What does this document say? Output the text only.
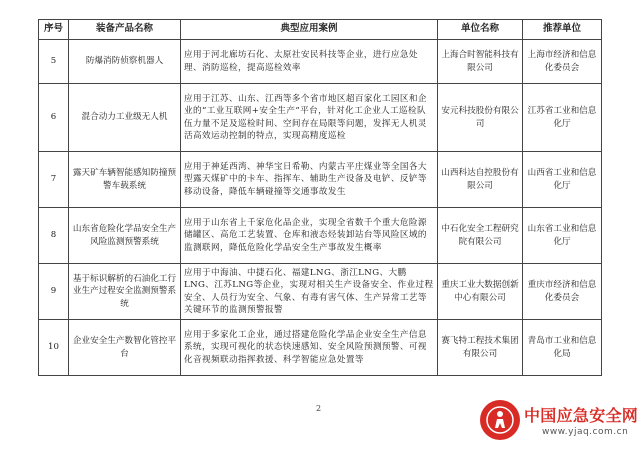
序号	装备产品名称	典型应用案例	单位名称	推荐单位
5	防爆消防侦察机器人	应用于河北廊坊石化、太原社安民科技等企业，进行应急处理、消防巡检，提高巡检效率	上海合时智能科技有限公司	上海市经济和信息化委员会
6	混合动力工业级无人机	应用于江苏、山东、江西等多个省市地区超百家化工园区和企业的“工业互联网+安全生产”平台，针对化工企业人工巡检队伍力量不足及巡检时间、空间存在局限等问题，发挥无人机灵活高效运动控制的特点，实现高精度巡检	安元科技股份有限公司	江苏省工业和信息化厅
7	露天矿车辆智能感知防撞预警车载系统	应用于神延西湾、神华宝日希勒、内蒙古平庄煤业等全国各大型露天煤矿中的卡车、指挥车、辅助生产设备及电铲、反铲等移动设备，降低车辆碰撞等交通事故发生	山西科达自控股份有限公司	山西省工业和信息化厅
8	山东省危险化学品安全生产风险监测预警系统	应用于山东省上千家危化品企业，实现全省数千个重大危险源储罐区、高危工艺装置、仓库和液态烃装卸站台等风险区域的监测联网，降低危险化学品安全生产事故发生概率	中石化安全工程研究院有限公司	山东省工业和信息化厅
9	基于标识解析的石油化工行业生产过程安全监测预警系统	应用于中海油、中捷石化、福建LNG、浙江LNG、大鹏LNG、江苏LNG等企业，实现对相关生产设备安全、作业过程安全、人员行为安全、气象、有毒有害气体、生产异常工艺等关键环节的监测预警报警	重庆工业大数据创新中心有限公司	重庆市经济和信息化委员会
10	企业安全生产数智化管控平台	应用于多家化工企业，通过搭建危险化学品企业安全生产信息系统，实现可视化的状态快速感知、安全风险预测预警、可视化音视频联动指挥救援、科学智能应急处置等	赛飞特工程技术集团有限公司	青岛市工业和信息化局
2	中国应急安全网
www.yjaq.com.cn
